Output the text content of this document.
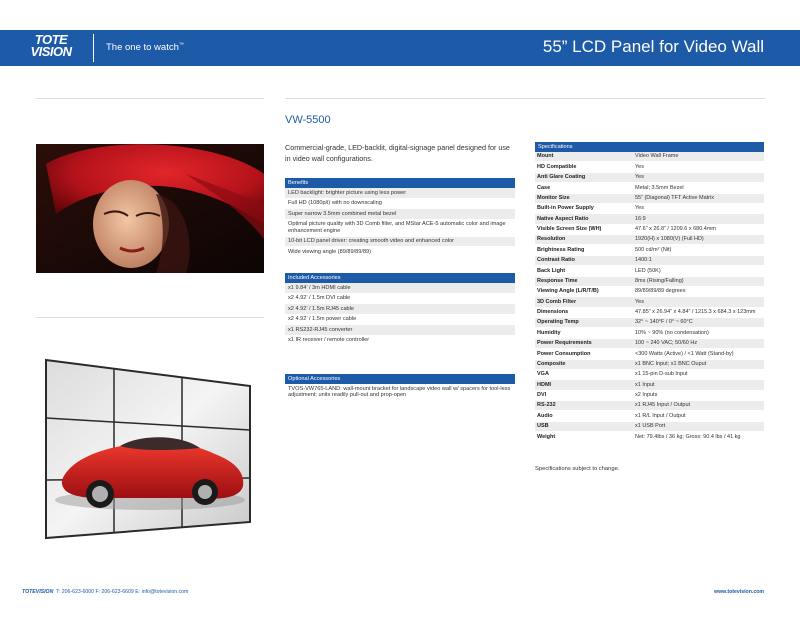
TOTE
VISION	The one to watch™	55” LCD Panel for Video Wall
VW-5500
Commercial-grade, LED-backlit, digital-signage panel designed for use in video wall configurations.
Benefits
LED backlight: brighter picture using less power
Full HD (1080p/i) with no downscaling
Super narrow 3.5mm combined metal bezel
Optimal picture quality with 3D Comb filter, and MStar ACE-5 automatic color and image enhancement engine
10-bit LCD panel driver: creating smooth video and enhanced color
Wide viewing angle (89/89/89/89)
Included Accessories
x1 9.84’ / 3m HDMI cable
x2 4.92’ / 1.5m DVI cable
x2 4.92’ / 1.5m RJ45 cable
x2 4.92’ / 1.5m power cable
x1 RS232-RJ45 converter
x1 IR receiver / remote controller
Optional Accessories
TVOS-VW765-LAND: wall-mount bracket for landscape video wall w/ spacers for tool-less adjustment; units readily pull-out and prop-open
Specifications
Mount	Video Wall Frame
HD Compatible	Yes
Anti Glare Coating	Yes
Case	Metal; 3.5mm Bezel
Monitor Size	55” (Diagonal) TFT Active Matrix
Built-in Power Supply	Yes
Native Aspect Ratio	16:9
Visible Screen Size (WH)	47.6” x 26.8” / 1209.6 x 680.4mm
Resolution	1920(H) x 1080(V) (Full HD)
Brightness Rating	500 cd/m² (Nit)
Contrast Ratio	1400:1
Back Light	LED (50K)
Response Time	8ms (Rising/Falling)
Viewing Angle (L/R/T/B)	89/89/89/89 degrees
3D Comb Filter	Yes
Dimensions	47.85” x 26.94” x 4.84” / 1215.3 x 684.3 x 123mm
Operating Temp	32° ~ 140°F / 0° ~ 60°C
Humidity	10% ~ 90% (no condensation)
Power Requirements	100 ~ 240 VAC; 50/60 Hz
Power Consumption	<300 Watts (Active) / <1 Watt (Stand-by)
Composite	x1 BNC Input; x1 BNC Ouput
VGA	x1 15-pin D-sub Input
HDMI	x1 Input
DVI	x2 Inputs
RS-232	x1 RJ45 Input / Output
Audio	x1 R/L Input / Output
USB	x1 USB Port
Weight	Net: 79.4lbs / 36 kg; Gross: 90.4 lbs / 41 kg
Specifications subject to change.
TOTEVISION T: 206-623-6000 F: 206-623-6609 E: info@totevision.com	www.totevision.com
